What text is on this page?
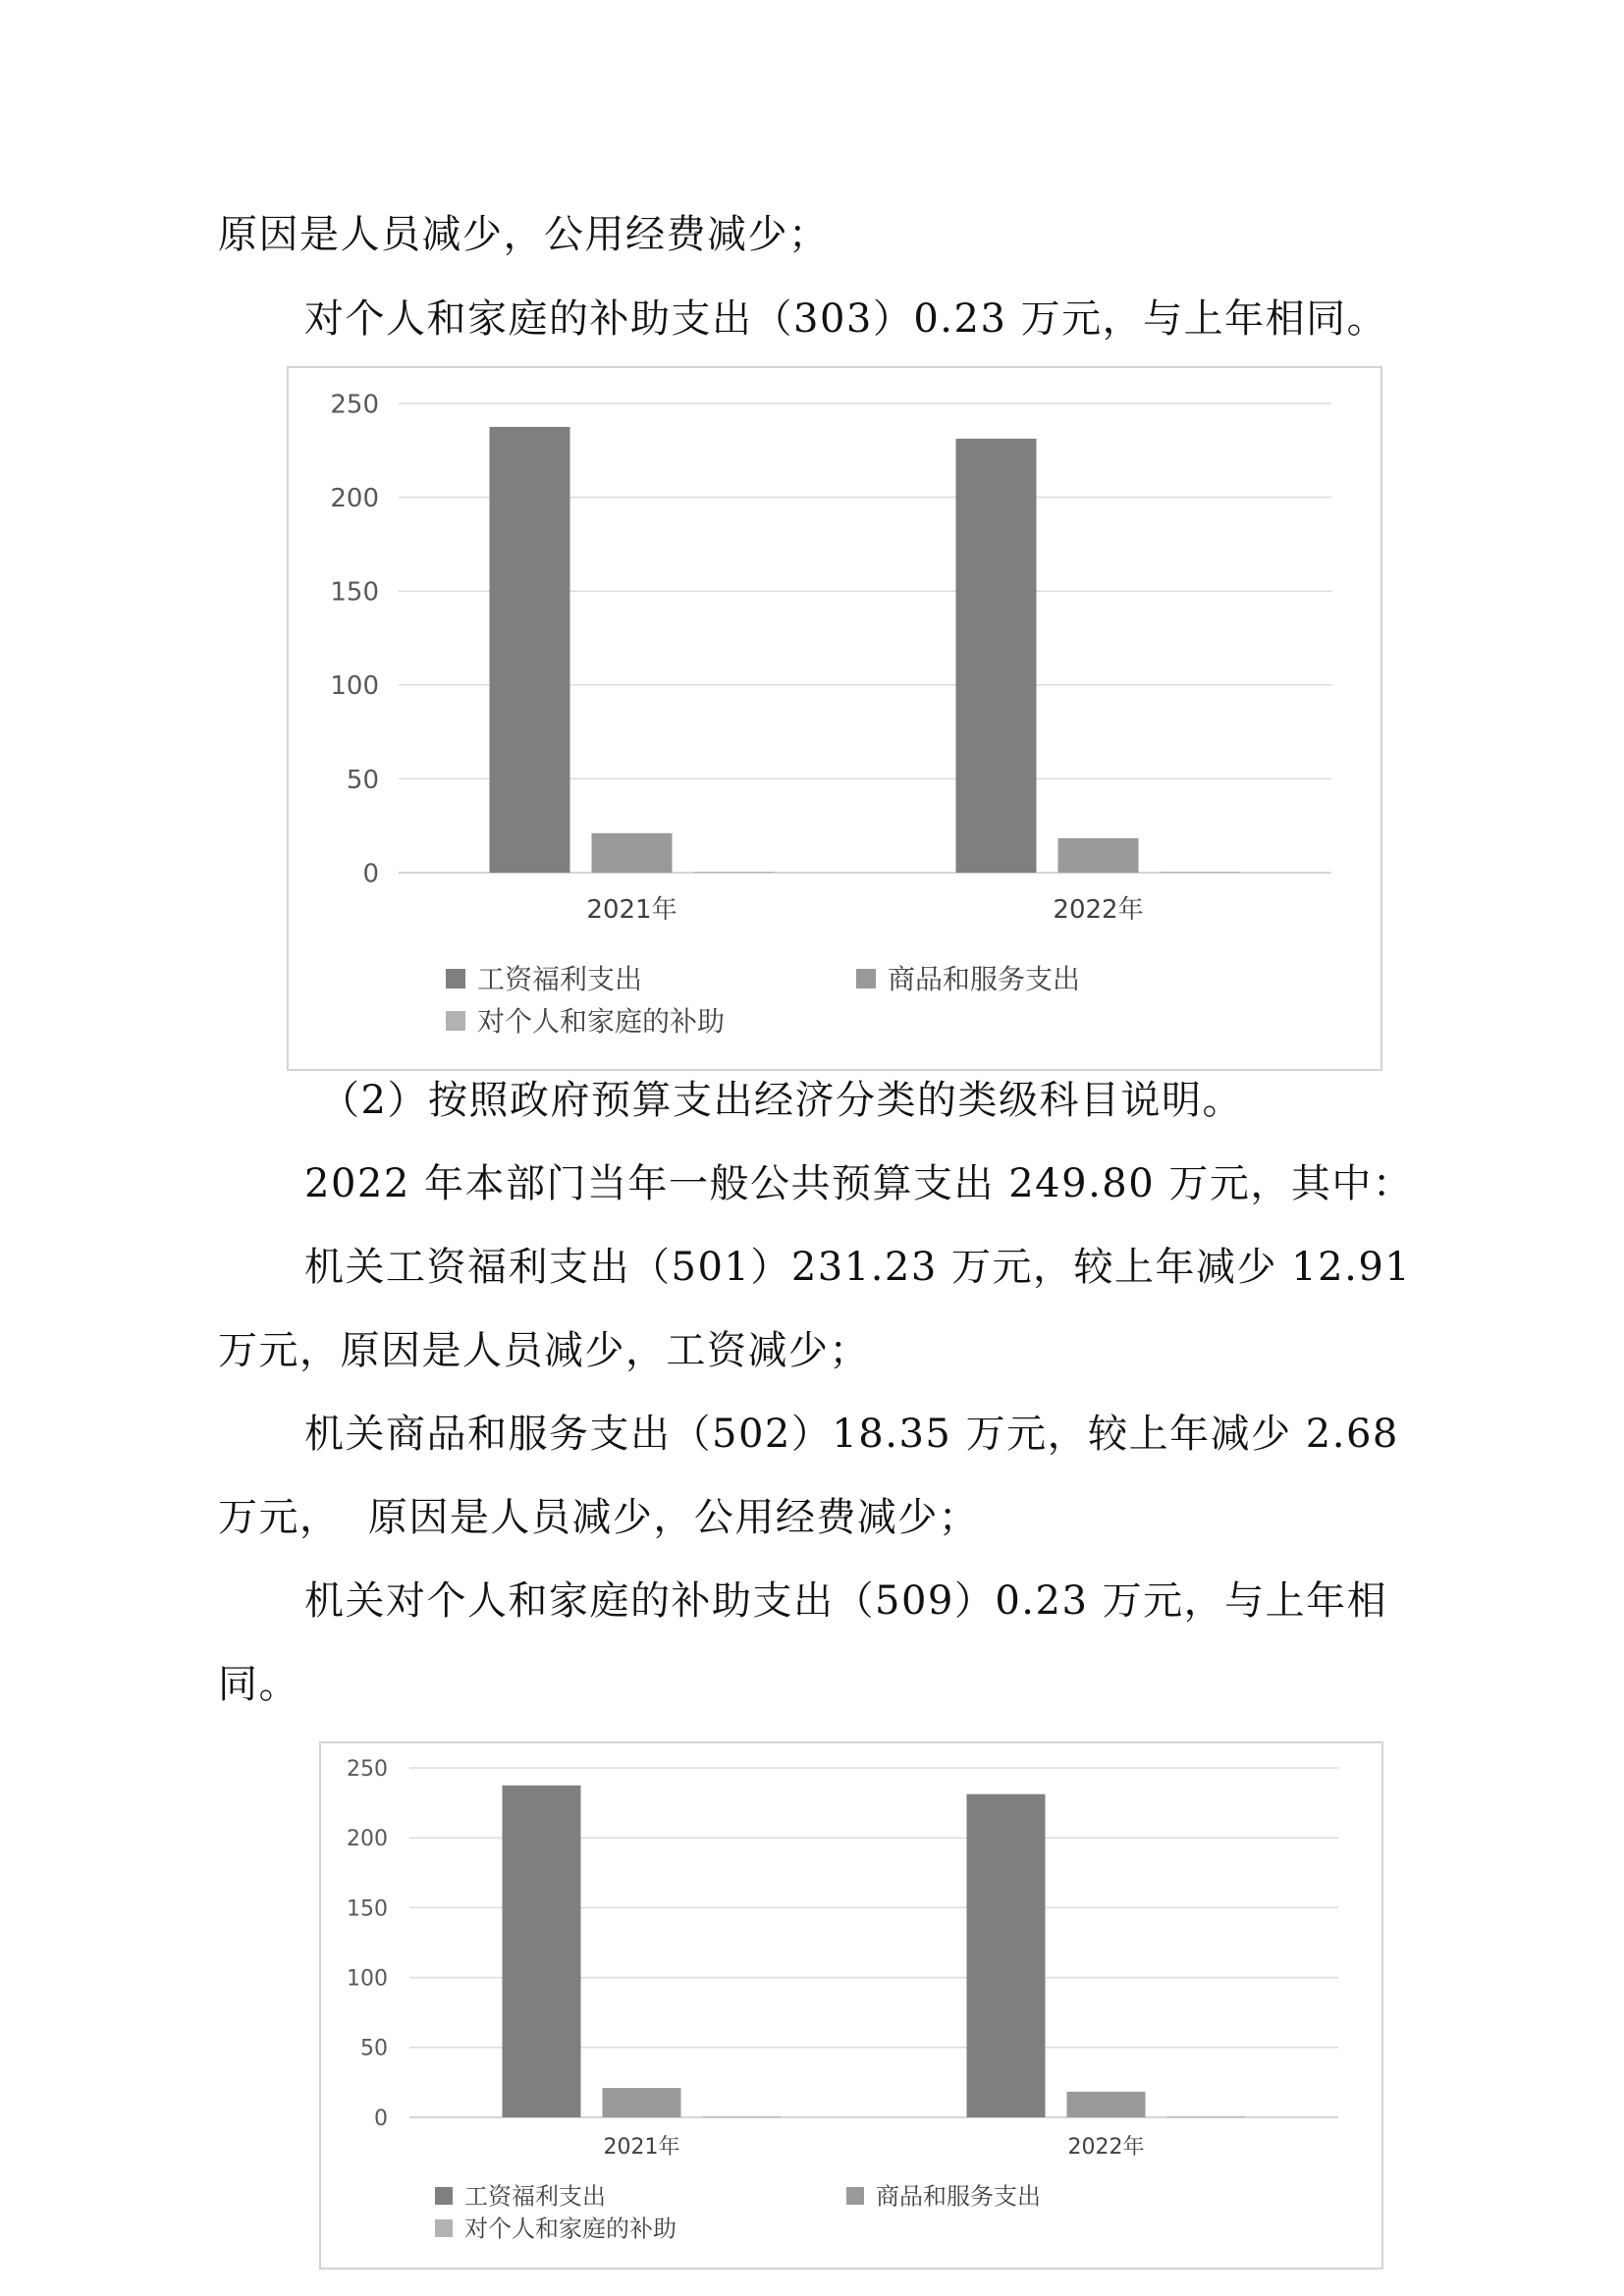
原因是人员减少，公用经费减少；
对个人和家庭的补助支出（303）0.23 万元，与上年相同。
0
50
100
150
200
250
2021年	2022年
工资福利支出	商品和服务支出
对个人和家庭的补助
（2）按照政府预算支出经济分类的类级科目说明。
2022 年本部门当年一般公共预算支出 249.80 万元，其中：
机关工资福利支出（501）231.23 万元，较上年减少 12.91
万元，原因是人员减少，工资减少；
机关商品和服务支出（502）18.35 万元，较上年减少 2.68
万元，  原因是人员减少，公用经费减少；
机关对个人和家庭的补助支出（509）0.23 万元，与上年相
同。
0
50
100
150
200
250
2021年	2022年
工资福利支出	商品和服务支出
对个人和家庭的补助
